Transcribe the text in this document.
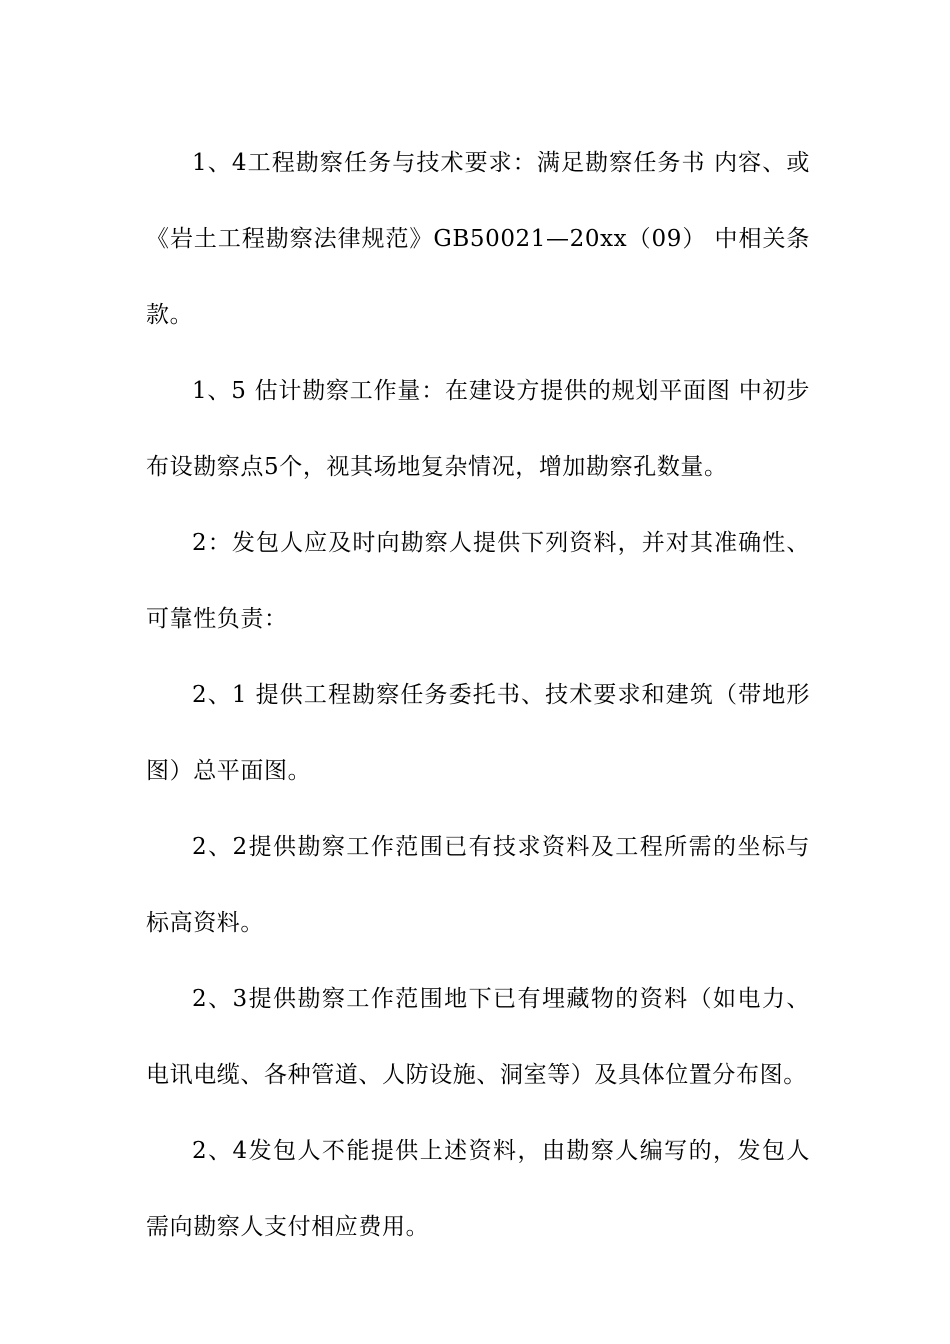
1、4工程勘察任务与技术要求：满足勘察任务书 内容、或《岩土工程勘察法律规范》GB50021—20xx（09） 中相关条款。

1、5 估计勘察工作量：在建设方提供的规划平面图 中初步布设勘察点5个，视其场地复杂情况，增加勘察孔数量。

2：发包人应及时向勘察人提供下列资料，并对其准确性、可靠性负责：

2、1 提供工程勘察任务委托书、技术要求和建筑（带地形图）总平面图。

2、2提供勘察工作范围已有技求资料及工程所需的坐标与标高资料。

2、3提供勘察工作范围地下已有埋藏物的资料（如电力、电讯电缆、各种管道、人防设施、洞室等）及具体位置分布图。

2、4发包人不能提供上述资料，由勘察人编写的，发包人需向勘察人支付相应费用。
